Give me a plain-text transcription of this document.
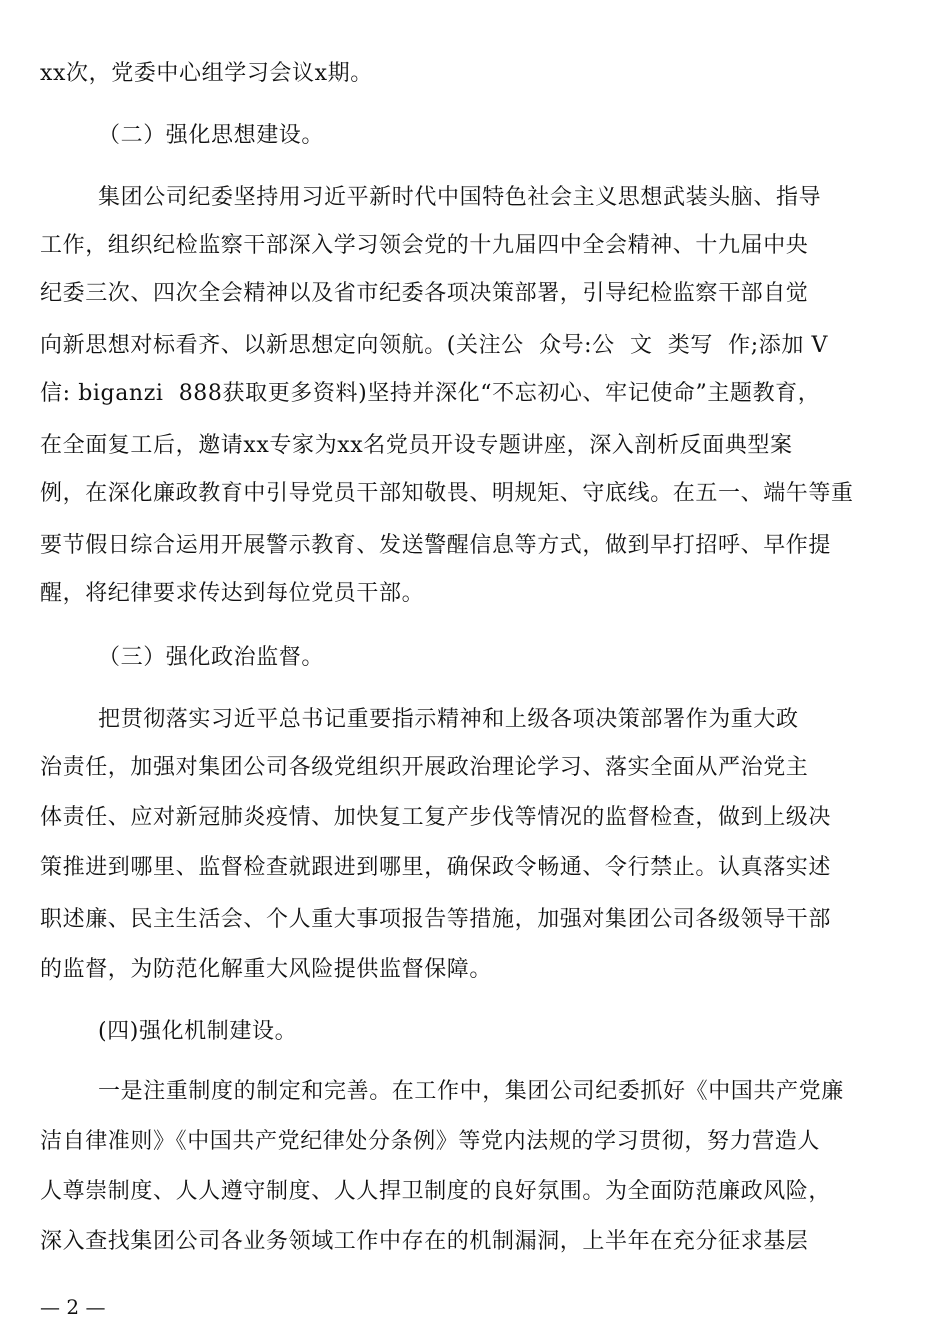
xx次，党委中心组学习会议x期。
（二）强化思想建设。
集团公司纪委坚持用习近平新时代中国特色社会主义思想武装头脑、指导
工作，组织纪检监察干部深入学习领会党的十九届四中全会精神、十九届中央
纪委三次、四次全会精神以及省市纪委各项决策部署，引导纪检监察干部自觉
向新思想对标看齐、以新思想定向领航。(关注公  众号:公  文  类写  作;添加 V
信: biganzi  888获取更多资料)坚持并深化“不忘初心、牢记使命”主题教育，
在全面复工后，邀请xx专家为xx名党员开设专题讲座，深入剖析反面典型案
例，在深化廉政教育中引导党员干部知敬畏、明规矩、守底线。在五一、端午等重
要节假日综合运用开展警示教育、发送警醒信息等方式，做到早打招呼、早作提
醒，将纪律要求传达到每位党员干部。
（三）强化政治监督。
把贯彻落实习近平总书记重要指示精神和上级各项决策部署作为重大政
治责任，加强对集团公司各级党组织开展政治理论学习、落实全面从严治党主
体责任、应对新冠肺炎疫情、加快复工复产步伐等情况的监督检查，做到上级决
策推进到哪里、监督检查就跟进到哪里，确保政令畅通、令行禁止。认真落实述
职述廉、民主生活会、个人重大事项报告等措施，加强对集团公司各级领导干部
的监督，为防范化解重大风险提供监督保障。
(四)强化机制建设。
一是注重制度的制定和完善。在工作中，集团公司纪委抓好《中国共产党廉
洁自律准则》《中国共产党纪律处分条例》等党内法规的学习贯彻，努力营造人
人尊崇制度、人人遵守制度、人人捍卫制度的良好氛围。为全面防范廉政风险，
深入查找集团公司各业务领域工作中存在的机制漏洞，上半年在充分征求基层
— 2 —
